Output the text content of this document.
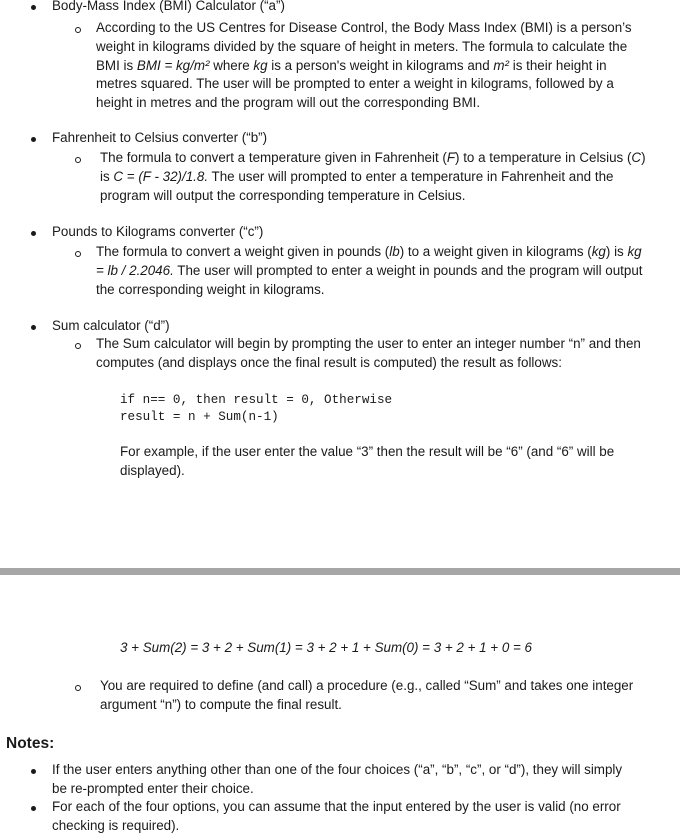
Body-Mass Index (BMI) Calculator (“a”)
According to the US Centres for Disease Control, the Body Mass Index (BMI) is a person’s weight in kilograms divided by the square of height in meters. The formula to calculate the BMI is BMI = kg/m² where kg is a person's weight in kilograms and m² is their height in metres squared. The user will be prompted to enter a weight in kilograms, followed by a height in metres and the program will out the corresponding BMI.
Fahrenheit to Celsius converter (“b”)
The formula to convert a temperature given in Fahrenheit (F) to a temperature in Celsius (C) is C = (F - 32)/1.8. The user will prompted to enter a temperature in Fahrenheit and the program will output the corresponding temperature in Celsius.
Pounds to Kilograms converter (“c”)
The formula to convert a weight given in pounds (lb) to a weight given in kilograms (kg) is kg = lb / 2.2046. The user will prompted to enter a weight in pounds and the program will output the corresponding weight in kilograms.
Sum calculator (“d”)
The Sum calculator will begin by prompting the user to enter an integer number “n” and then computes (and displays once the final result is computed) the result as follows:
if n== 0, then result = 0, Otherwise
result = n + Sum(n-1)
For example, if the user enter the value “3” then the result will be “6” (and “6” will be displayed).
3 + Sum(2) = 3 + 2 + Sum(1) = 3 + 2 + 1 + Sum(0) = 3 + 2 + 1 + 0 = 6
You are required to define (and call) a procedure (e.g., called “Sum” and takes one integer argument “n”) to compute the final result.
Notes:
If the user enters anything other than one of the four choices (“a”, “b”, “c”, or “d”), they will simply be re-prompted enter their choice.
For each of the four options, you can assume that the input entered by the user is valid (no error checking is required).
